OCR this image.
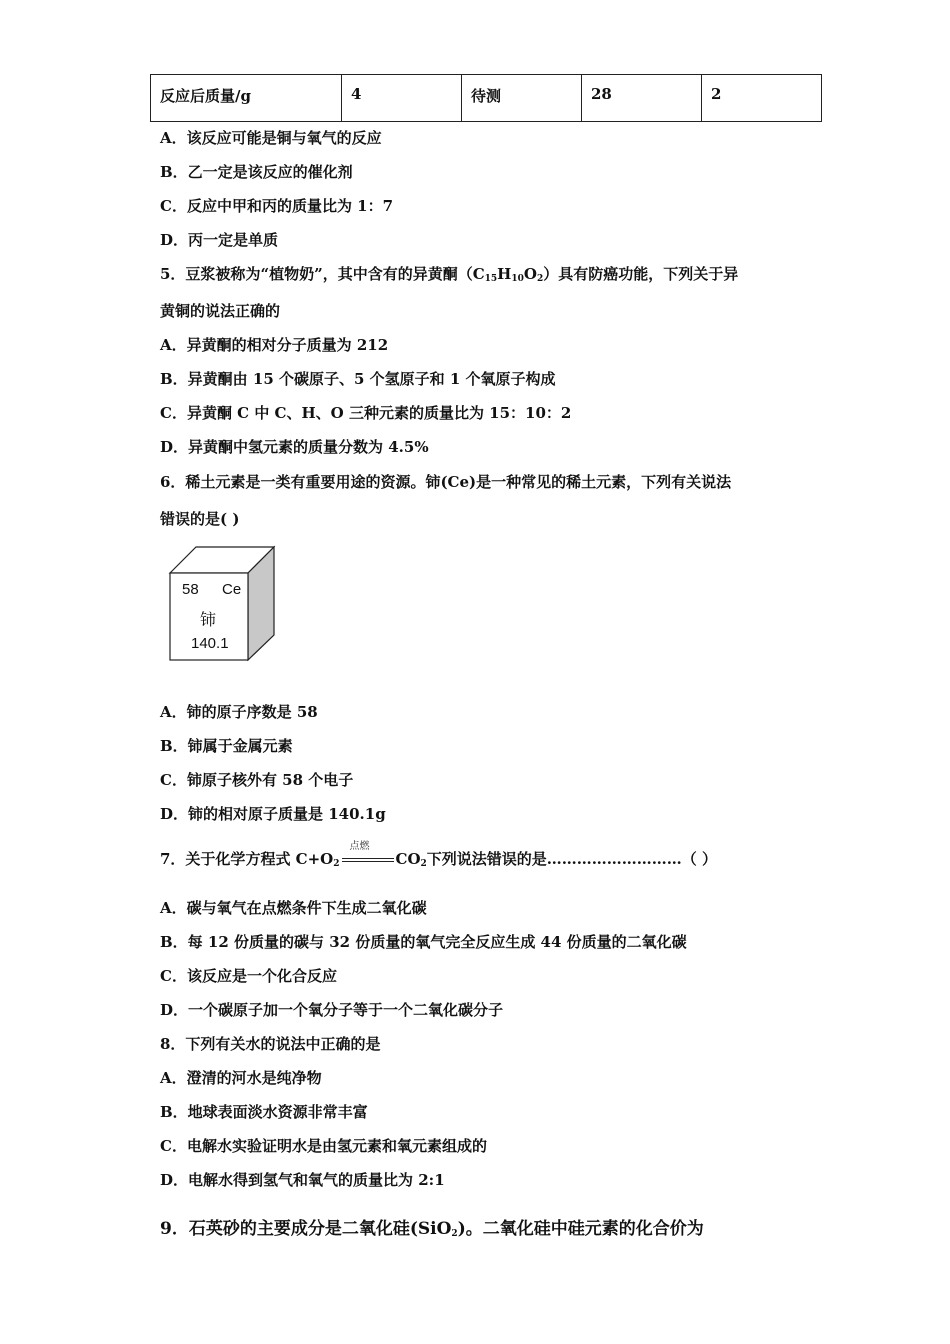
反应后质量/g	4	待测	28	2
A．该反应可能是铜与氧气的反应
B．乙一定是该反应的催化剂
C．反应中甲和丙的质量比为 1：7
D．丙一定是单质
5．豆浆被称为“植物奶”，其中含有的异黄酮$(C_{15}H_{10}O_2)$具有防癌功能，下列关于异
黄铜的说法正确的
A．异黄酮的相对分子质量为 212
B．异黄酮由 15 个碳原子、5 个氢原子和 1 个氧原子构成
C．异黄酮 C 中 C、H、O 三种元素的质量比为 15：10：2
D．异黄酮中氢元素的质量分数为 4.5%
6．稀土元素是一类有重要用途的资源。铈(Ce)是一种常见的稀土元素，下列有关说法
错误的是( )
58 Ce
铈
140.1
A．铈的原子序数是 58
B．铈属于金属元素
C．铈原子核外有 58 个电子
D．铈的相对原子质量是 140.1g
7．关于化学方程式 $C+O_2$
点燃
$CO_2$下列说法错误的是………………………（ ）
A．碳与氧气在点燃条件下生成二氧化碳
B．每 12 份质量的碳与 32 份质量的氧气完全反应生成 44 份质量的二氧化碳
C．该反应是一个化合反应
D．一个碳原子加一个氧分子等于一个二氧化碳分子
8．下列有关水的说法中正确的是
A．澄清的河水是纯净物
B．地球表面淡水资源非常丰富
C．电解水实验证明水是由氢元素和氧元素组成的
D．电解水得到氢气和氧气的质量比为 2:1
9．石英砂的主要成分是二氧化硅(SiO$_2$)。二氧化硅中硅元素的化合价为
